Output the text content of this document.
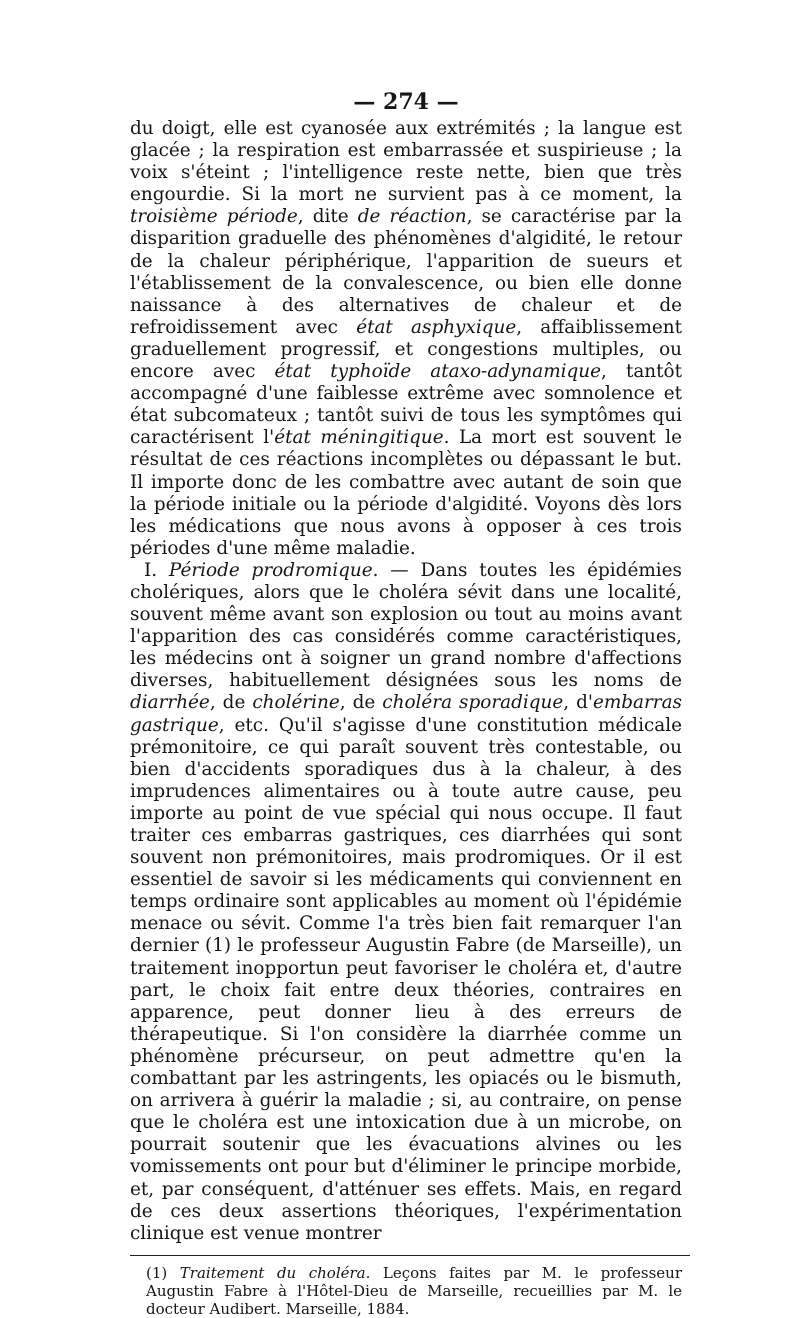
— 274 —

du doigt, elle est cyanosée aux extrémités ; la langue est glacée ; la respiration est embarrassée et suspirieuse ; la voix s'éteint ; l'intelligence reste nette, bien que très engourdie. Si la mort ne survient pas à ce moment, la troisième période, dite de réaction, se caractérise par la disparition graduelle des phénomènes d'algidité, le retour de la chaleur périphérique, l'apparition de sueurs et l'établissement de la convalescence, ou bien elle donne naissance à des alternatives de chaleur et de refroidissement avec état asphyxique, affaiblissement graduellement progressif, et congestions multiples, ou encore avec état typhoïde ataxo-adynamique, tantôt accompagné d'une faiblesse extrême avec somnolence et état subcomateux ; tantôt suivi de tous les symptômes qui caractérisent l'état méningitique. La mort est souvent le résultat de ces réactions incomplètes ou dépassant le but. Il importe donc de les combattre avec autant de soin que la période initiale ou la période d'algidité. Voyons dès lors les médications que nous avons à opposer à ces trois périodes d'une même maladie.

I. Période prodromique. — Dans toutes les épidémies cholériques, alors que le choléra sévit dans une localité, souvent même avant son explosion ou tout au moins avant l'apparition des cas considérés comme caractéristiques, les médecins ont à soigner un grand nombre d'affections diverses, habituellement désignées sous les noms de diarrhée, de cholérine, de choléra sporadique, d'embarras gastrique, etc. Qu'il s'agisse d'une constitution médicale prémonitoire, ce qui paraît souvent très contestable, ou bien d'accidents sporadiques dus à la chaleur, à des imprudences alimentaires ou à toute autre cause, peu importe au point de vue spécial qui nous occupe. Il faut traiter ces embarras gastriques, ces diarrhées qui sont souvent non prémonitoires, mais prodromiques. Or il est essentiel de savoir si les médicaments qui conviennent en temps ordinaire sont applicables au moment où l'épidémie menace ou sévit. Comme l'a très bien fait remarquer l'an dernier (1) le professeur Augustin Fabre (de Marseille), un traitement inopportun peut favoriser le choléra et, d'autre part, le choix fait entre deux théories, contraires en apparence, peut donner lieu à des erreurs de thérapeutique. Si l'on considère la diarrhée comme un phénomène précurseur, on peut admettre qu'en la combattant par les astringents, les opiacés ou le bismuth, on arrivera à guérir la maladie ; si, au contraire, on pense que le choléra est une intoxication due à un microbe, on pourrait soutenir que les évacuations alvines ou les vomissements ont pour but d'éliminer le principe morbide, et, par conséquent, d'atténuer ses effets. Mais, en regard de ces deux assertions théoriques, l'expérimentation clinique est venue montrer

(1) Traitement du choléra. Leçons faites par M. le professeur Augustin Fabre à l'Hôtel-Dieu de Marseille, recueillies par M. le docteur Audibert. Marseille, 1884.
